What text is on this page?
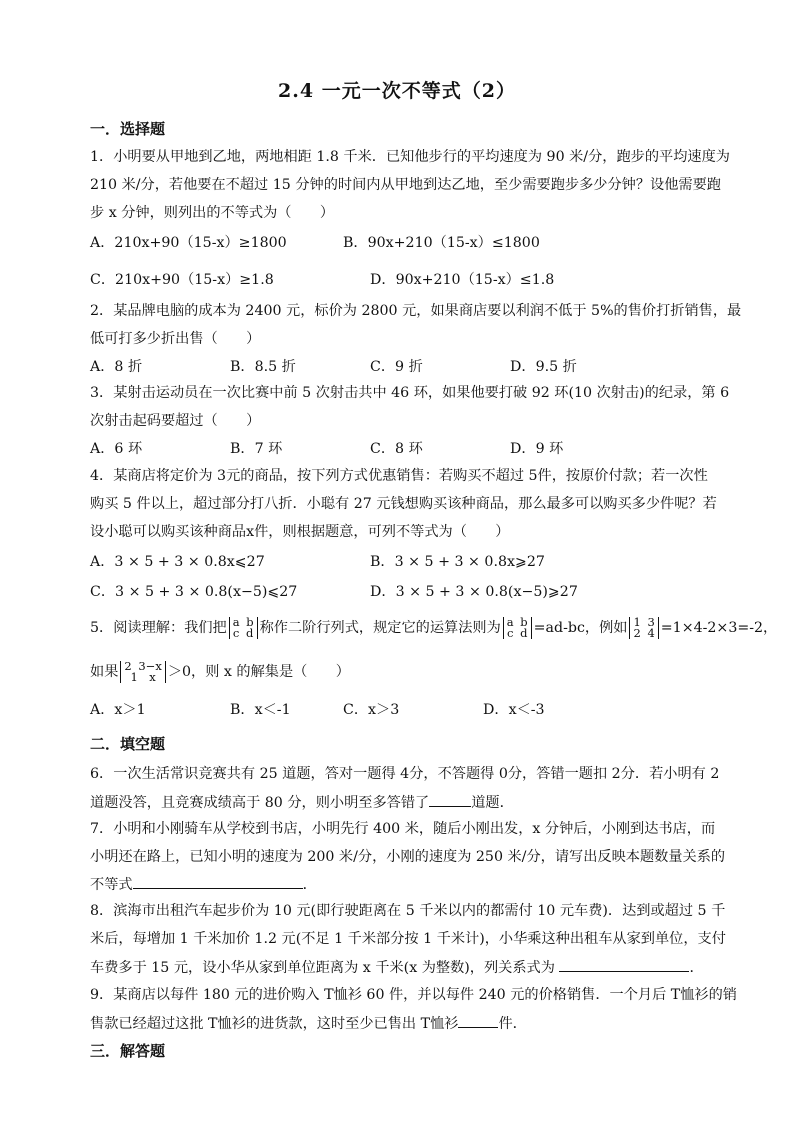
2.4 一元一次不等式（2）
一．选择题
1．小明要从甲地到乙地，两地相距 1.8 千米．已知他步行的平均速度为 90 米/分，跑步的平均速度为
210 米/分，若他要在不超过 15 分钟的时间内从甲地到达乙地，至少需要跑步多少分钟？设他需要跑
步 x 分钟，则列出的不等式为（　　）
A．210x+90（15-x）≥1800	B．90x+210（15-x）≤1800
C．210x+90（15-x）≥1.8	D．90x+210（15-x）≤1.8
2．某品牌电脑的成本为 2400 元，标价为 2800 元，如果商店要以利润不低于 5%的售价打折销售，最
低可打多少折出售（　　）
A．8 折	B．8.5 折	C．9 折	D．9.5 折
3．某射击运动员在一次比赛中前 5 次射击共中 46 环，如果他要打破 92 环(10 次射击)的纪录，第 6
次射击起码要超过（　　）
A．6 环	B．7 环	C．8 环	D．9 环
4．某商店将定价为 3元的商品，按下列方式优惠销售：若购买不超过 5件，按原价付款；若一次性
购买 5 件以上，超过部分打八折．小聪有 27 元钱想购买该种商品，那么最多可以购买多少件呢？若
设小聪可以购买该种商品x件，则根据题意，可列不等式为（　　）
A．3 × 5 + 3 × 0.8x⩽27	B．3 × 5 + 3 × 0.8x⩾27
C．3 × 5 + 3 × 0.8(x−5)⩽27	D．3 × 5 + 3 × 0.8(x−5)⩾27
5．阅读理解：我们把 a b
c d 称作二阶行列式，规定它的运算法则为 a b
c d =ad-bc，例如 1 3
2 4 =1×4-2×3=-2，
如果 2 3−x
1　x ＞0，则 x 的解集是（　　）
A．x＞1	B．x＜-1	C．x＞3	D．x＜-3
二．填空题
6．一次生活常识竞赛共有 25 道题，答对一题得 4分，不答题得 0分，答错一题扣 2分．若小明有 2
道题没答，且竞赛成绩高于 80 分，则小明至多答错了	道题．
7．小明和小刚骑车从学校到书店，小明先行 400 米，随后小刚出发，x 分钟后，小刚到达书店，而
小明还在路上，已知小明的速度为 200 米/分，小刚的速度为 250 米/分，请写出反映本题数量关系的
不等式	．
8．滨海市出租汽车起步价为 10 元(即行驶距离在 5 千米以内的都需付 10 元车费)．达到或超过 5 千
米后，每增加 1 千米加价 1.2 元(不足 1 千米部分按 1 千米计)，小华乘这种出租车从家到单位，支付
车费多于 15 元，设小华从家到单位距离为 x 千米(x 为整数)，列关系式为	．
9．某商店以每件 180 元的进价购入 T恤衫 60 件，并以每件 240 元的价格销售．一个月后 T恤衫的销
售款已经超过这批 T恤衫的进货款，这时至少已售出 T恤衫	件．
三．解答题
